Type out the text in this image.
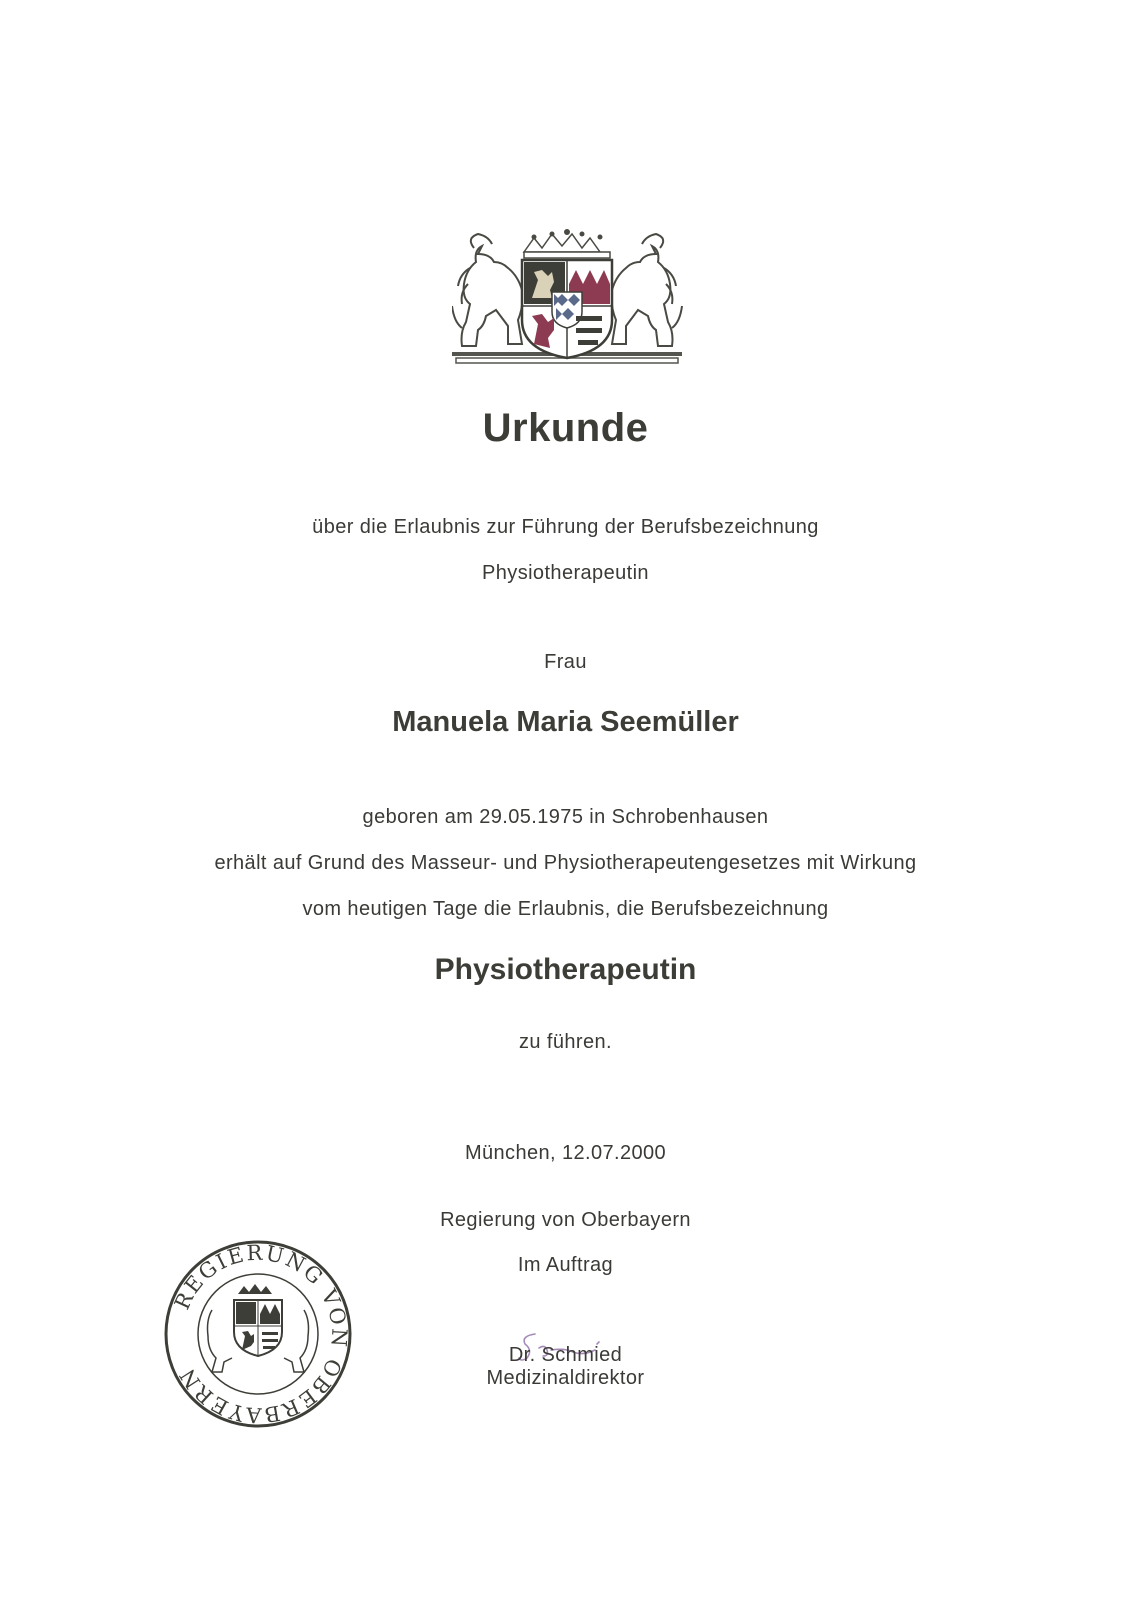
Urkunde
über die Erlaubnis zur Führung der Berufsbezeichnung
Physiotherapeutin
Frau
Manuela Maria Seemüller
geboren am 29.05.1975 in Schrobenhausen
erhält auf Grund des Masseur- und Physiotherapeutengesetzes mit Wirkung
vom heutigen Tage die Erlaubnis, die Berufsbezeichnung
Physiotherapeutin
zu führen.
München, 12.07.2000
Regierung von Oberbayern
Im Auftrag
REGIERUNG VON OBERBAYERN
Dr. Schmied
Medizinaldirektor
